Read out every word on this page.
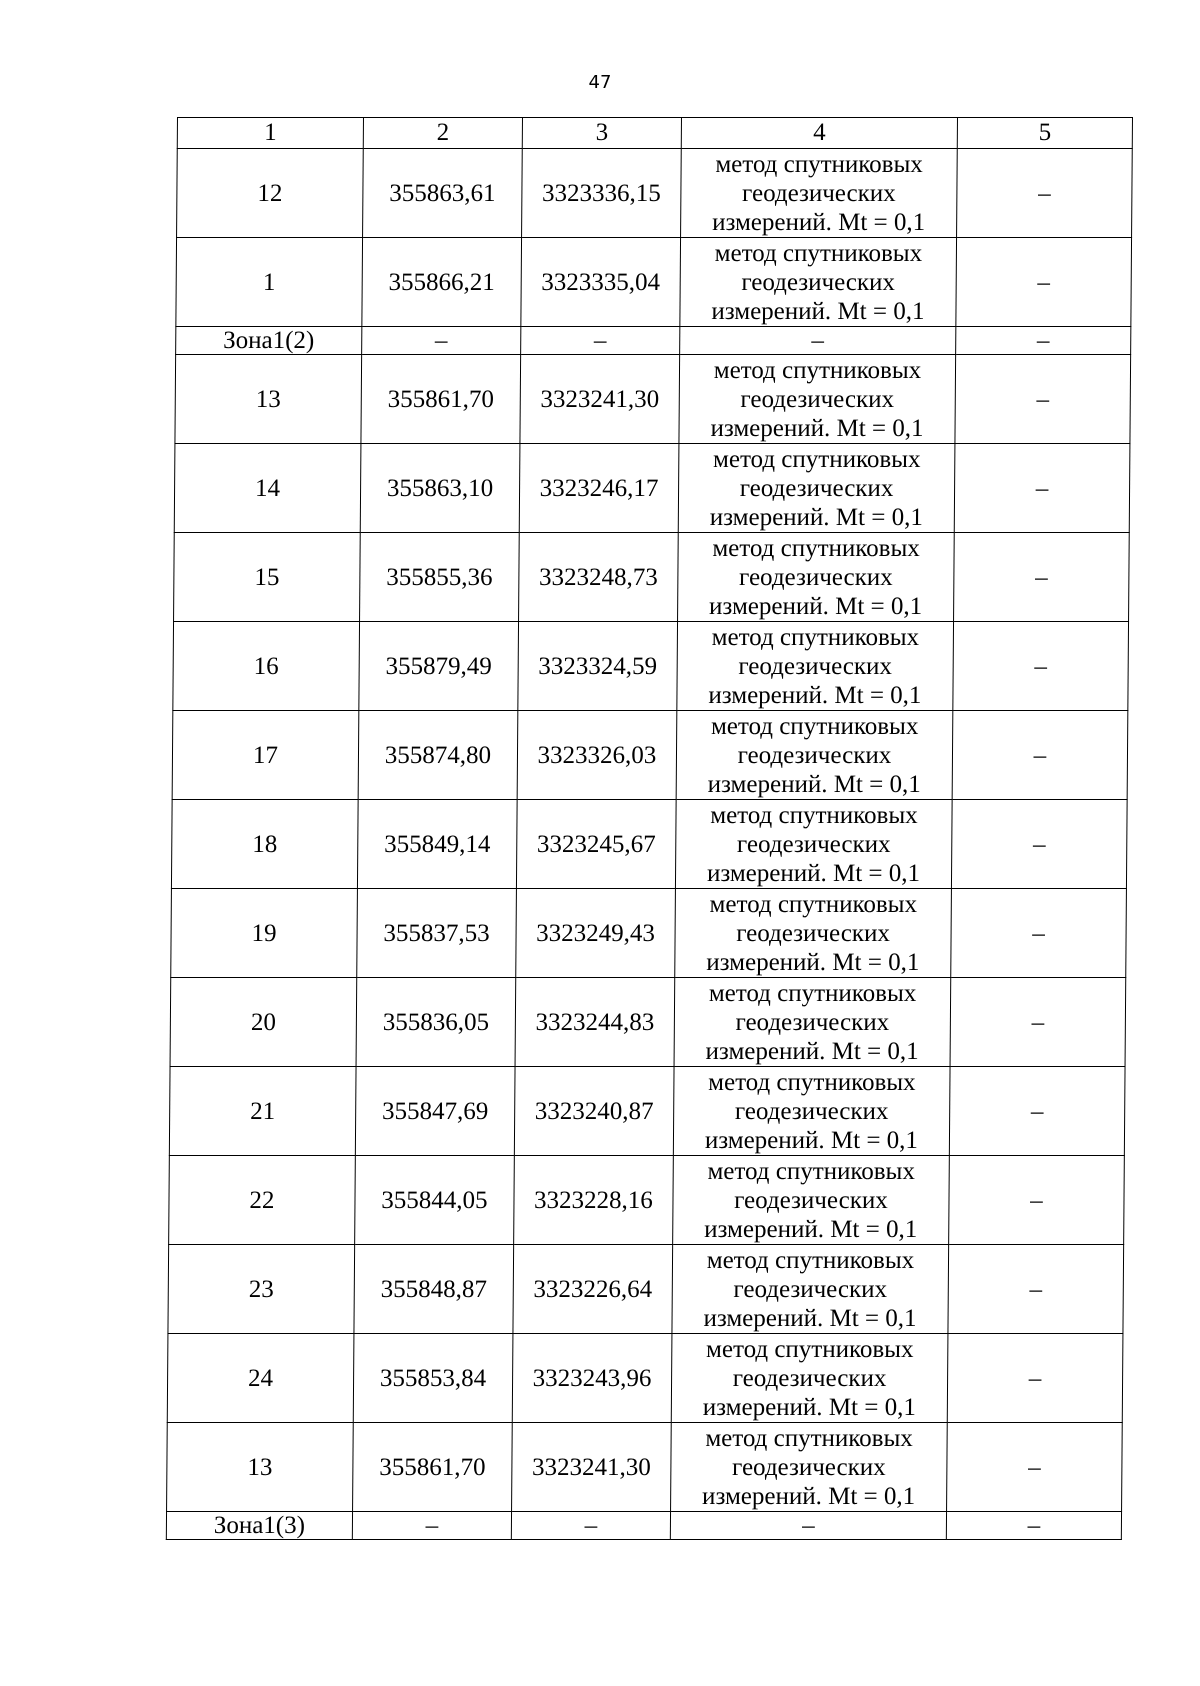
47
1	2	3	4	5
12	355863,61	3323336,15	метод спутниковых
геодезических
измерений. Mt = 0,1	–
1	355866,21	3323335,04	метод спутниковых
геодезических
измерений. Mt = 0,1	–
Зона1(2)	–	–	–	–
13	355861,70	3323241,30	метод спутниковых
геодезических
измерений. Mt = 0,1	–
14	355863,10	3323246,17	метод спутниковых
геодезических
измерений. Mt = 0,1	–
15	355855,36	3323248,73	метод спутниковых
геодезических
измерений. Mt = 0,1	–
16	355879,49	3323324,59	метод спутниковых
геодезических
измерений. Mt = 0,1	–
17	355874,80	3323326,03	метод спутниковых
геодезических
измерений. Mt = 0,1	–
18	355849,14	3323245,67	метод спутниковых
геодезических
измерений. Mt = 0,1	–
19	355837,53	3323249,43	метод спутниковых
геодезических
измерений. Mt = 0,1	–
20	355836,05	3323244,83	метод спутниковых
геодезических
измерений. Mt = 0,1	–
21	355847,69	3323240,87	метод спутниковых
геодезических
измерений. Mt = 0,1	–
22	355844,05	3323228,16	метод спутниковых
геодезических
измерений. Mt = 0,1	–
23	355848,87	3323226,64	метод спутниковых
геодезических
измерений. Mt = 0,1	–
24	355853,84	3323243,96	метод спутниковых
геодезических
измерений. Mt = 0,1	–
13	355861,70	3323241,30	метод спутниковых
геодезических
измерений. Mt = 0,1	–
Зона1(3)	–	–	–	–
